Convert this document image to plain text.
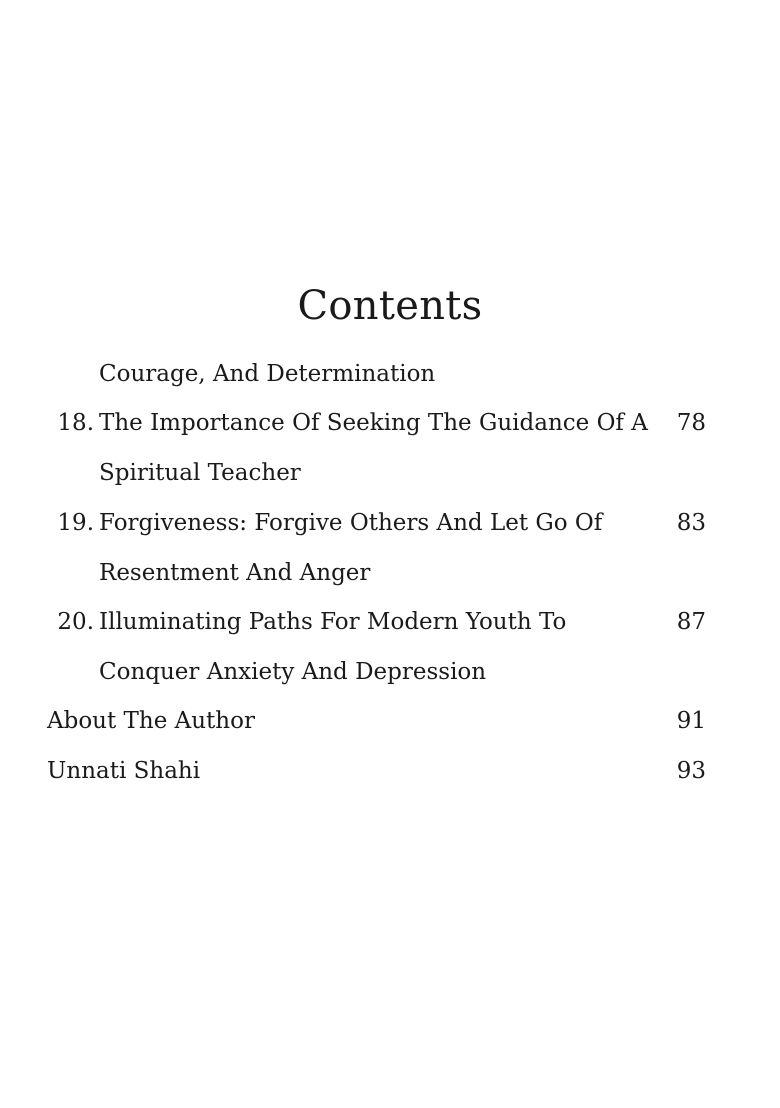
Contents
Courage, And Determination
18. The Importance Of Seeking The Guidance Of A	78
Spiritual Teacher
19. Forgiveness: Forgive Others And Let Go Of	83
Resentment And Anger
20. Illuminating Paths For Modern Youth To	87
Conquer Anxiety And Depression
About The Author	91
Unnati Shahi	93
